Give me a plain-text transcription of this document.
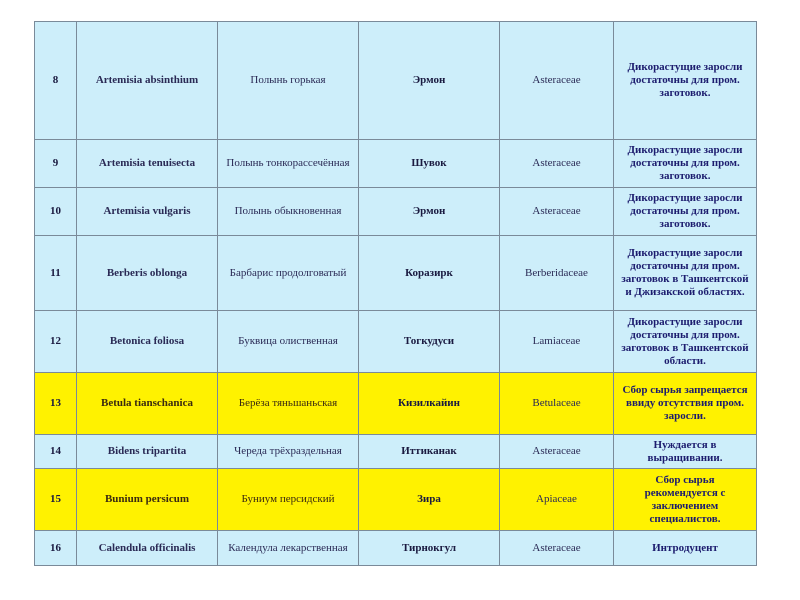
8	Artemisia absinthium	Полынь горькая	Эрмон	Asteraceae	Дикорастущие заросли достаточны для пром. заготовок.
9	Artemisia tenuisecta	Полынь тонкорассечённая	Шувок	Asteraceae	Дикорастущие заросли достаточны для пром. заготовок.
10	Artemisia vulgaris	Полынь обыкновенная	Эрмон	Asteraceae	Дикорастущие заросли достаточны для пром. заготовок.
11	Berberis oblonga	Барбарис продолговатый	Коразирк	Berberidaceae	Дикорастущие заросли достаточны для пром. заготовок в Ташкентской и Джизакской областях.
12	Betonica foliosa	Буквица олиственная	Тогкудуси	Lamiaceae	Дикорастущие заросли достаточны для пром. заготовок в Ташкентской области.
13	Betula tianschanica	Берёза тяньшаньская	Кизилкайин	Betulaceae	Сбор сырья запрещается ввиду отсутствия пром. заросли.
14	Bidens tripartita	Череда трёхраздельная	Иттиканак	Asteraceae	Нуждается в выращивании.
15	Bunium persicum	Буниум персидский	Зира	Apiaceae	Сбор сырья рекомендуется с заключением специалистов.
16	Calendula officinalis	Календула лекарственная	Тирнокгул	Asteraceae	Интродуцент
